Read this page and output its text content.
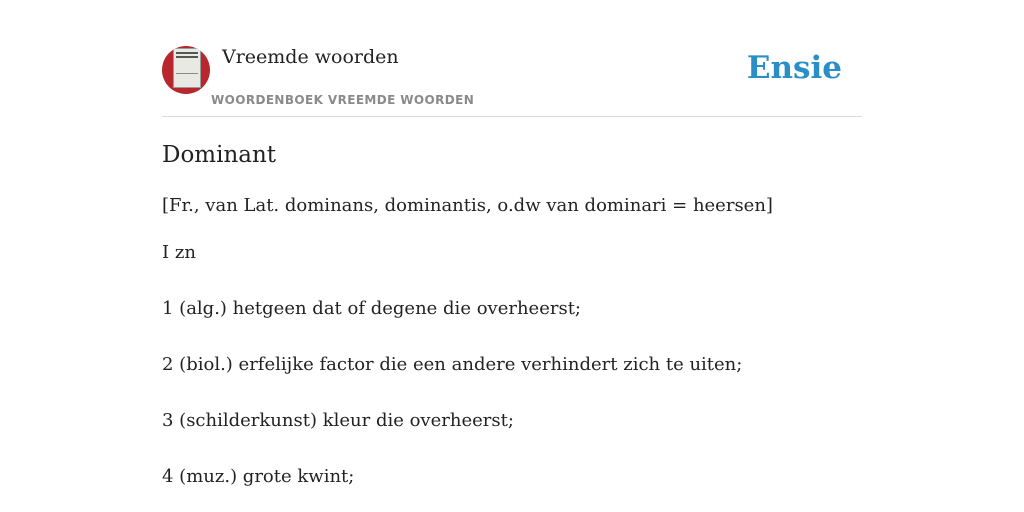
Vreemde woorden
WOORDENBOEK VREEMDE WOORDEN
Ensie
Dominant
[Fr., van Lat. dominans, dominantis, o.dw van dominari = heersen]
I zn
1 (alg.) hetgeen dat of degene die overheerst;
2 (biol.) erfelijke factor die een andere verhindert zich te uiten;
3 (schilderkunst) kleur die overheerst;
4 (muz.) grote kwint;
